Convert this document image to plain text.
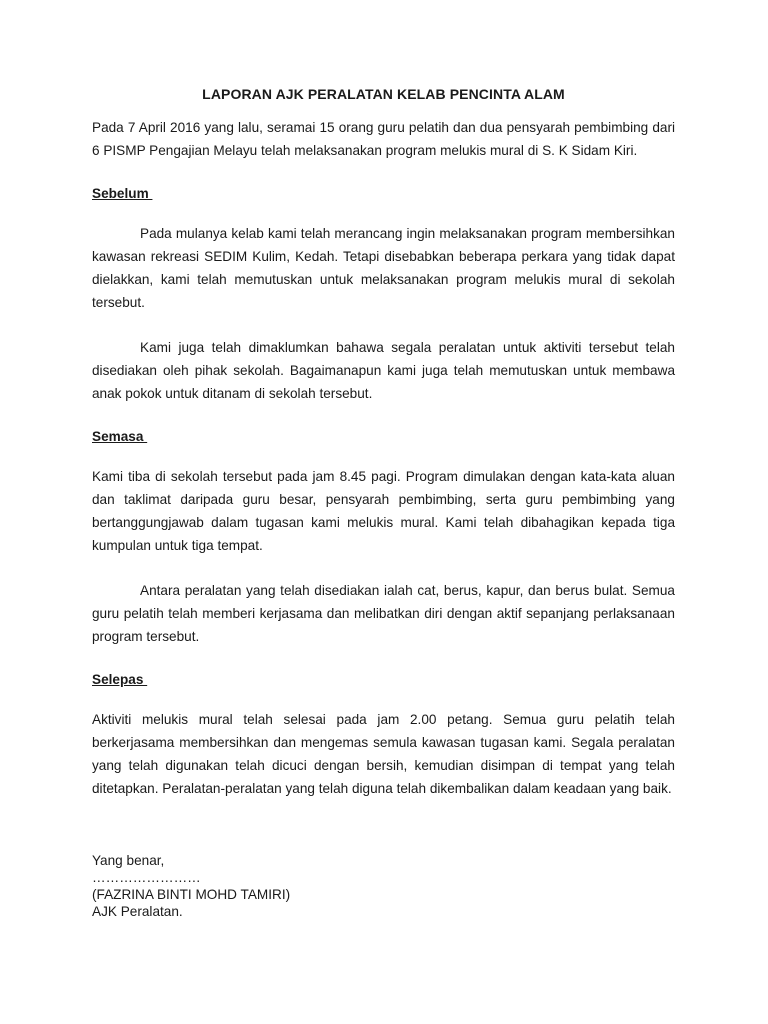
LAPORAN AJK PERALATAN KELAB PENCINTA ALAM

Pada 7 April 2016 yang lalu, seramai 15 orang guru pelatih dan dua pensyarah pembimbing dari 6 PISMP Pengajian Melayu telah melaksanakan program melukis mural di S. K Sidam Kiri.

Sebelum

Pada mulanya kelab kami telah merancang ingin melaksanakan program membersihkan kawasan rekreasi SEDIM Kulim, Kedah. Tetapi disebabkan beberapa perkara yang tidak dapat dielakkan, kami telah memutuskan untuk melaksanakan program melukis mural di sekolah tersebut.

Kami juga telah dimaklumkan bahawa segala peralatan untuk aktiviti tersebut telah disediakan oleh pihak sekolah. Bagaimanapun kami juga telah memutuskan untuk membawa anak pokok untuk ditanam di sekolah tersebut.

Semasa

Kami tiba di sekolah tersebut pada jam 8.45 pagi. Program dimulakan dengan kata-kata aluan dan taklimat daripada guru besar, pensyarah pembimbing, serta guru pembimbing yang bertanggungjawab dalam tugasan kami melukis mural. Kami telah dibahagikan kepada tiga kumpulan untuk tiga tempat.

Antara peralatan yang telah disediakan ialah cat, berus, kapur, dan berus bulat. Semua guru pelatih telah memberi kerjasama dan melibatkan diri dengan aktif sepanjang perlaksanaan program tersebut.

Selepas

Aktiviti melukis mural telah selesai pada jam 2.00 petang. Semua guru pelatih telah berkerjasama membersihkan dan mengemas semula kawasan tugasan kami. Segala peralatan yang telah digunakan telah dicuci dengan bersih, kemudian disimpan di tempat yang telah ditetapkan. Peralatan-peralatan yang telah diguna telah dikembalikan dalam keadaan yang baik.

Yang benar,
……………………
(FAZRINA BINTI MOHD TAMIRI)
AJK Peralatan.
